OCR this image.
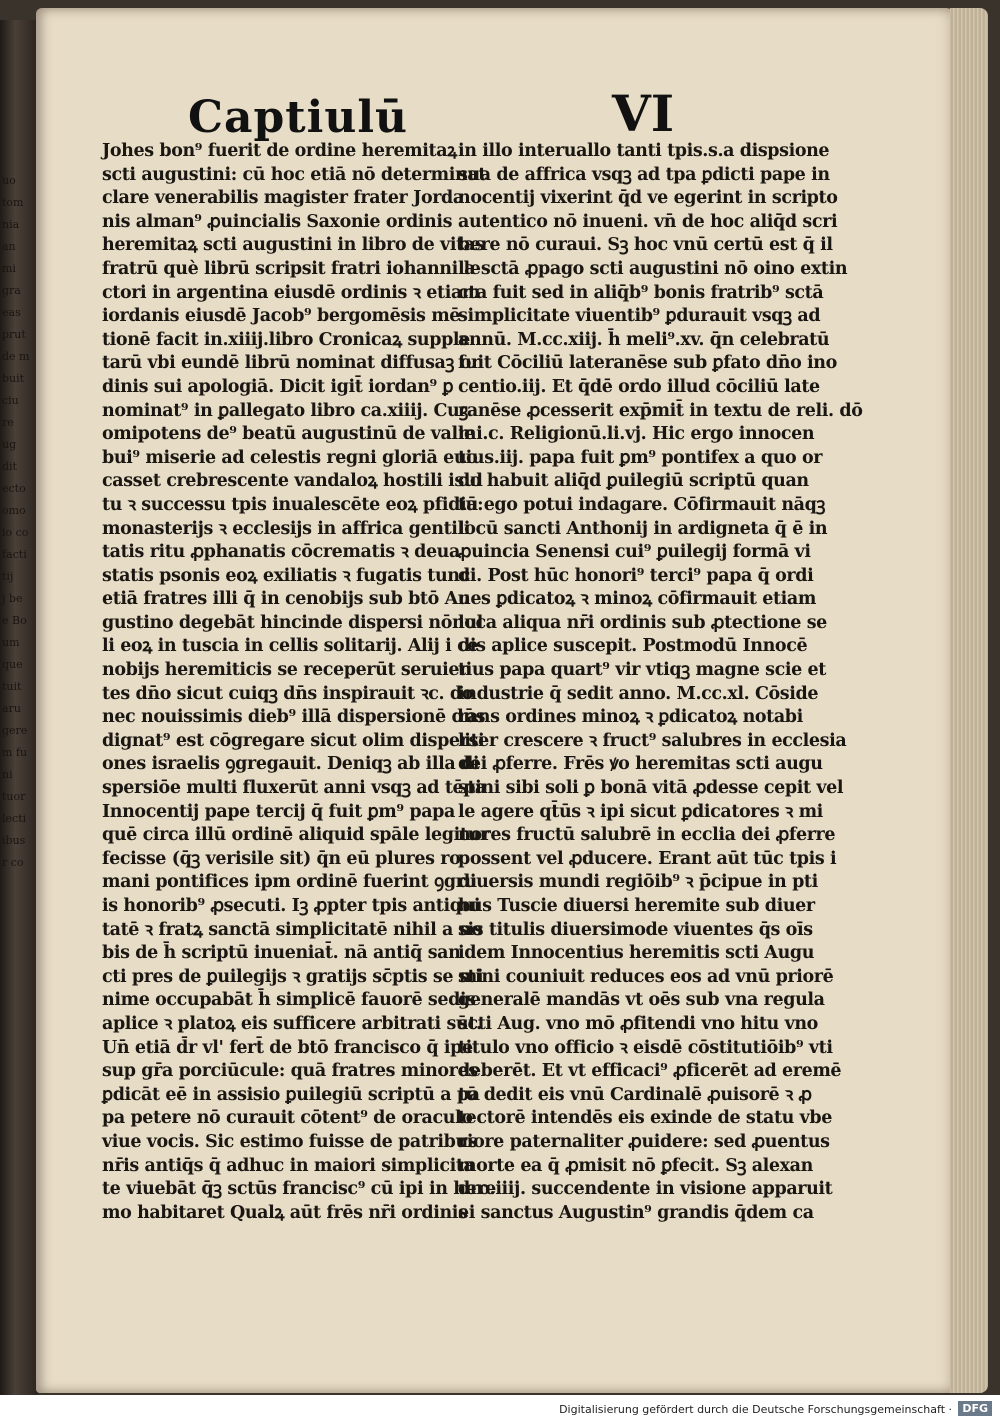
uo
tom
nia
an
mi
gra
eas
prut
de m
buit
ciu
re
ug
dit
ecto
omo
io co
facti
tij
j be
e Bo
um
que
tuit
aru
gere
m fu
ni
tuor
lecti
ibus
r co
Captiulū	VI
Johes bon⁹ fuerit de ordine heremitaꝝ
scti augustini: cū hoc etiā nō determinat
clare venerabilis magister frater Jorda
nis alman⁹ ꝓuincialis Saxonie ordinis
heremitaꝝ scti augustini in libro de vitas
fratrū què librū scripsit fratri iohanni le
ctori in argentina eiusdē ordinis ꝛ etiam
iordanis eiusdē Jacob⁹ bergomēsis mē
tionē facit in.xiiij.libro Cronicaꝝ supple
tarū vbi eundē librū nominat diffusaꝫ or
dinis sui apologiā. Dicit igit̄ iordan⁹ ꝑ
nominat⁹ in ꝑallegato libro ca.xiiij. Cuꝫ
omipotens de⁹ beatū augustinū de valle
bui⁹ miserie ad celestis regni gloriā euo
casset crebrescente vandaloꝝ hostili isul
tu ꝛ successu tpis inualescēte eoꝝ pfidia:
monasterijs ꝛ ecclesijs in affrica gentili
tatis ritu ꝓphanatis cōcrematis ꝛ deua
statis psonis eoꝝ exiliatis ꝛ fugatis tunc
etiā fratres illi q̄ in cenobijs sub btō Au
gustino degebāt hincinde dispersi nōnul
li eoꝝ in tuscia in cellis solitarij. Alij i ce
nobijs heremiticis se receperūt seruien
tes dn̄o sicut cuiqꝫ dn̄s inspirauit ꝛc. do
nec nouissimis dieb⁹ illā dispersionē dn̄s
dignat⁹ est cōgregare sicut olim dispersi
ones israelis ꝯgregauit. Deniqꝫ ab illa di
spersiōe multi fluxerūt anni vsqꝫ ad tēpa
Innocentij pape tercij q̄ fuit ꝑm⁹ papa
quē circa illū ordinē aliquid spāle legitur
fecisse (q̄ꝫ verisile sit) q̄n eū plures ro
mani pontifices ipm ordinē fuerint ꝯgru
is honorib⁹ ꝓsecuti. Iꝫ ꝓpter tpis antiqui
tatē ꝛ fratꝝ sanctā simplicitatē nihil a no
bis de h̄ scriptū inueniat̄. nā antiq̄ san
cti pres de ꝑuilegijs ꝛ gratijs sc̄ptis se mi
nime occupabāt h̄ simplicē fauorē sedis
aplice ꝛ platoꝝ eis sufficere arbitrati sūt.
Un̄ etiā d̄r vl' fert̄ de btō francisco q̄ ipe
sup gr̄a porciūcule: quā fratres minores
ꝑdicāt eē in assisio ꝑuilegiū scriptū a pa
pa petere nō curauit cōtent⁹ de oraculo
viue vocis. Sic estimo fuisse de patribus
nr̄is antiq̄s q̄ adhuc in maiori simplicita
te viuebāt q̄ꝫ sctūs francisc⁹ cū ipi in here
mo habitaret Qualꝝ aūt frēs nr̄i ordinis
in illo interuallo tanti tpis.s.a dispsione
sua de affrica vsqꝫ ad tpa ꝑdicti pape in
nocentij vixerint q̄d ve egerint in scripto
autentico nō inueni. vn̄ de hoc aliq̄d scri
bere nō curaui. Sꝫ hoc vnū certū est q̄ il
la sctā ꝓpago scti augustini nō oino extin
cta fuit sed in aliq̄b⁹ bonis fratrib⁹ sctā
simplicitate viuentib⁹ ꝑdurauit vsqꝫ ad
annū. M.cc.xiij. h̄ meli⁹.xv. q̄n celebratū
fuit Cōciliū lateranēse sub ꝑfato dn̄o ino
centio.iij. Et q̄dē ordo illud cōciliū late
ranēse ꝓcesserit exp̄mit̄ in textu de reli. dō
mi.c. Religionū.li.vj. Hic ergo innocen
tius.iij. papa fuit ꝑm⁹ pontifex a quo or
do habuit aliq̄d ꝑuilegiū scriptū quan
tū ego potui indagare. Cōfirmauit nāqꝫ
locū sancti Anthonij in ardigneta q̄ ē in
ꝓuincia Senensi cui⁹ ꝑuilegij formā vi
di. Post hūc honori⁹ terci⁹ papa q̄ ordi
nes ꝑdicatoꝝ ꝛ minoꝝ cōfirmauit etiam
loca aliqua nr̄i ordinis sub ꝓtectione se
dis aplice suscepit. Postmodū Innocē
tius papa quart⁹ vir vtiqꝫ magne scie et
industrie q̄ sedit anno. M.cc.xl. Cōside
rans ordines minoꝝ ꝛ ꝑdicatoꝝ notabi
liter crescere ꝛ fruct⁹ salubres in ecclesia
dei ꝓferre. Frēs ꝟo heremitas scti augu
stini sibi soli ꝑ bonā vitā ꝓdesse cepit vel
le agere qt̄ūs ꝛ ipi sicut ꝑdicatores ꝛ mi
nores fructū salubrē in ecclia dei ꝓferre
possent vel ꝓducere. Erant aūt tūc tpis i
diuersis mundi regiōib⁹ ꝛ p̄cipue in pti
bus Tuscie diuersi heremite sub diuer
sis titulis diuersimode viuentes q̄s oīs
idem Innocentius heremitis scti Augu
stini couniuit reduces eos ad vnū priorē
generalē mandās vt oēs sub vna regula
scti Aug. vno mō ꝓfitendi vno hitu vno
titulo vno officio ꝛ eisdē cōstitutiōib⁹ vti
deberēt. Et vt efficaci⁹ ꝓficerēt ad eremē
tū dedit eis vnū Cardinalē ꝓuisorē ꝛ ꝓ
tectorē intendēs eis exinde de statu vbe
riore paternaliter ꝓuidere: sed ꝓuentus
morte ea q̄ ꝓmisit nō ꝑfecit. Sꝫ alexan
dro.iiij. succendente in visione apparuit
ei sanctus Augustin⁹ grandis q̄dem ca
Digitalisierung gefördert durch die Deutsche Forschungsgemeinschaft · DFG
